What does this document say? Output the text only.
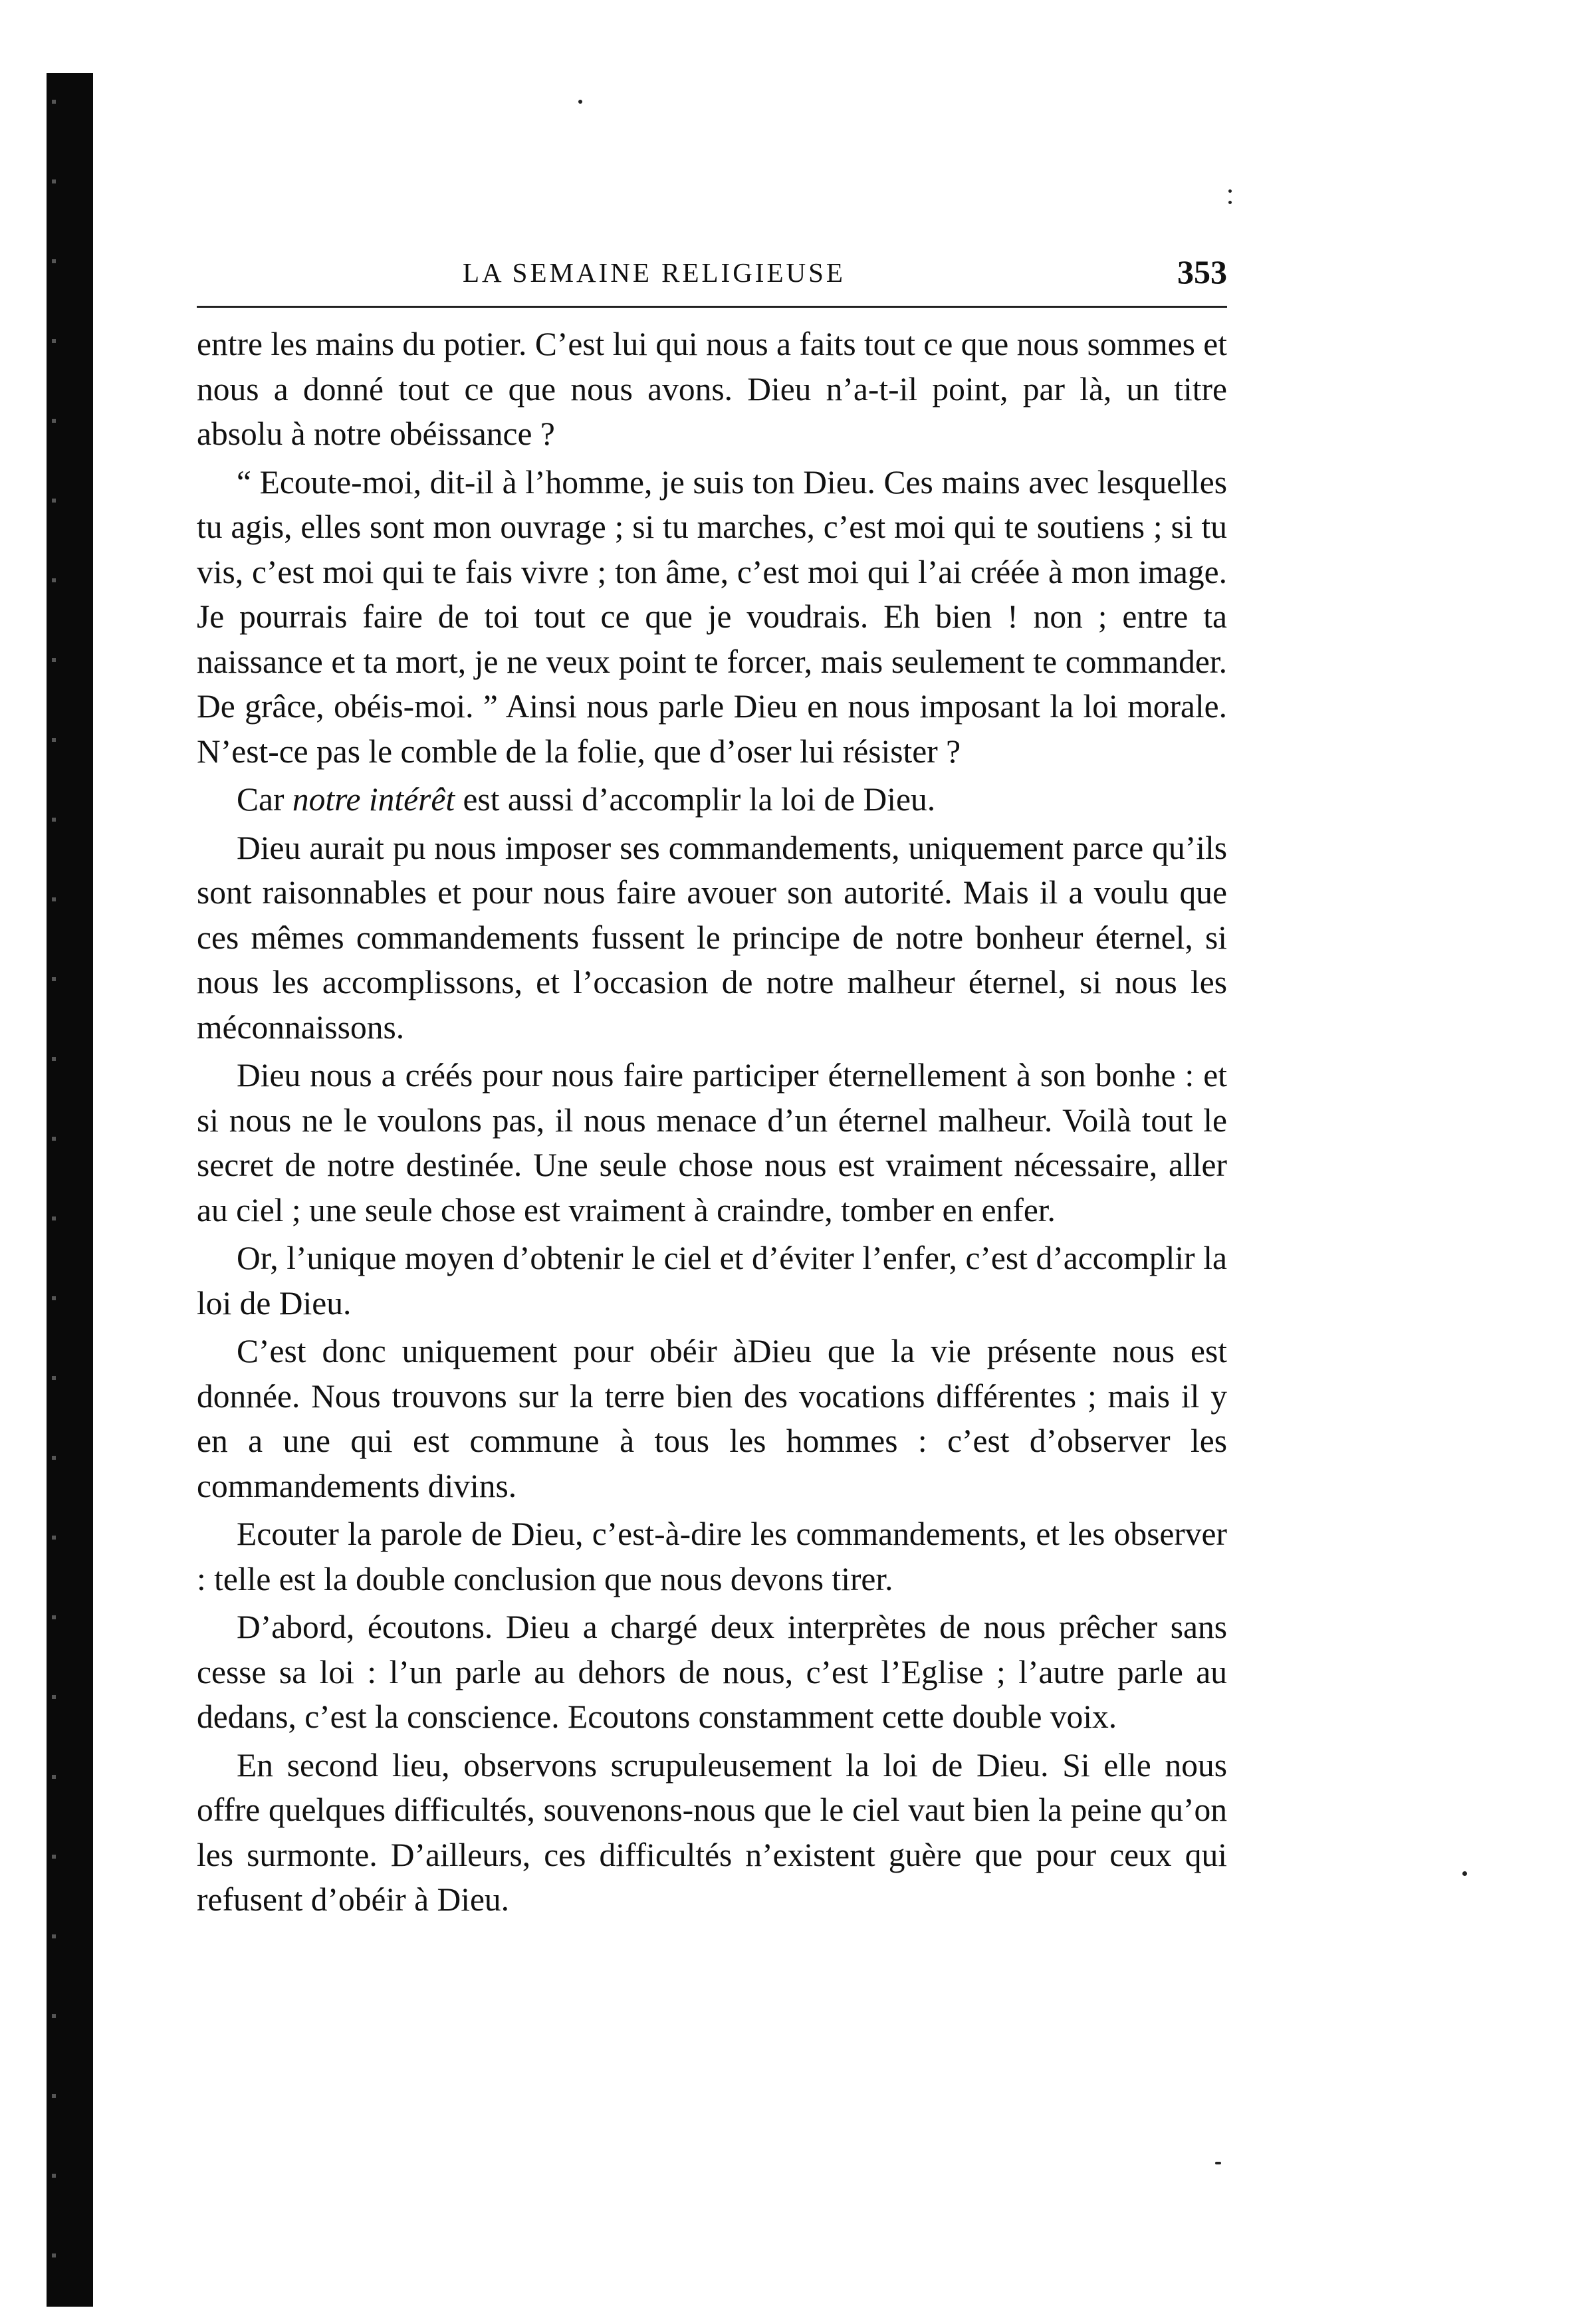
LA SEMAINE RELIGIEUSE	353

entre les mains du potier. C’est lui qui nous a faits tout ce que nous sommes et nous a donné tout ce que nous avons. Dieu n’a-t-il point, par là, un titre absolu à notre obéissance ?

“ Ecoute-moi, dit-il à l’homme, je suis ton Dieu. Ces mains avec lesquelles tu agis, elles sont mon ouvrage ; si tu marches, c’est moi qui te soutiens ; si tu vis, c’est moi qui te fais vivre ; ton âme, c’est moi qui l’ai créée à mon image. Je pourrais faire de toi tout ce que je voudrais. Eh bien ! non ; entre ta naissance et ta mort, je ne veux point te forcer, mais seulement te commander. De grâce, obéis-moi. ” Ainsi nous parle Dieu en nous imposant la loi morale. N’est-ce pas le comble de la folie, que d’oser lui résister ?

Car notre intérêt est aussi d’accomplir la loi de Dieu.

Dieu aurait pu nous imposer ses commandements, uniquement parce qu’ils sont raisonnables et pour nous faire avouer son autorité. Mais il a voulu que ces mêmes commandements fussent le principe de notre bonheur éternel, si nous les accomplissons, et l’occasion de notre malheur éternel, si nous les méconnaissons.

Dieu nous a créés pour nous faire participer éternellement à son bonhe : et si nous ne le voulons pas, il nous menace d’un éternel malheur. Voilà tout le secret de notre destinée. Une seule chose nous est vraiment nécessaire, aller au ciel ; une seule chose est vraiment à craindre, tomber en enfer.

Or, l’unique moyen d’obtenir le ciel et d’éviter l’enfer, c’est d’accomplir la loi de Dieu.

C’est donc uniquement pour obéir àDieu que la vie présente nous est donnée. Nous trouvons sur la terre bien des vocations différentes ; mais il y en a une qui est commune à tous les hommes : c’est d’observer les commandements divins.

Ecouter la parole de Dieu, c’est-à-dire les commandements, et les observer : telle est la double conclusion que nous devons tirer.

D’abord, écoutons. Dieu a chargé deux interprètes de nous prêcher sans cesse sa loi : l’un parle au dehors de nous, c’est l’Eglise ; l’autre parle au dedans, c’est la conscience. Ecoutons constamment cette double voix.

En second lieu, observons scrupuleusement la loi de Dieu. Si elle nous offre quelques difficultés, souvenons-nous que le ciel vaut bien la peine qu’on les surmonte. D’ailleurs, ces difficultés n’existent guère que pour ceux qui refusent d’obéir à Dieu.
